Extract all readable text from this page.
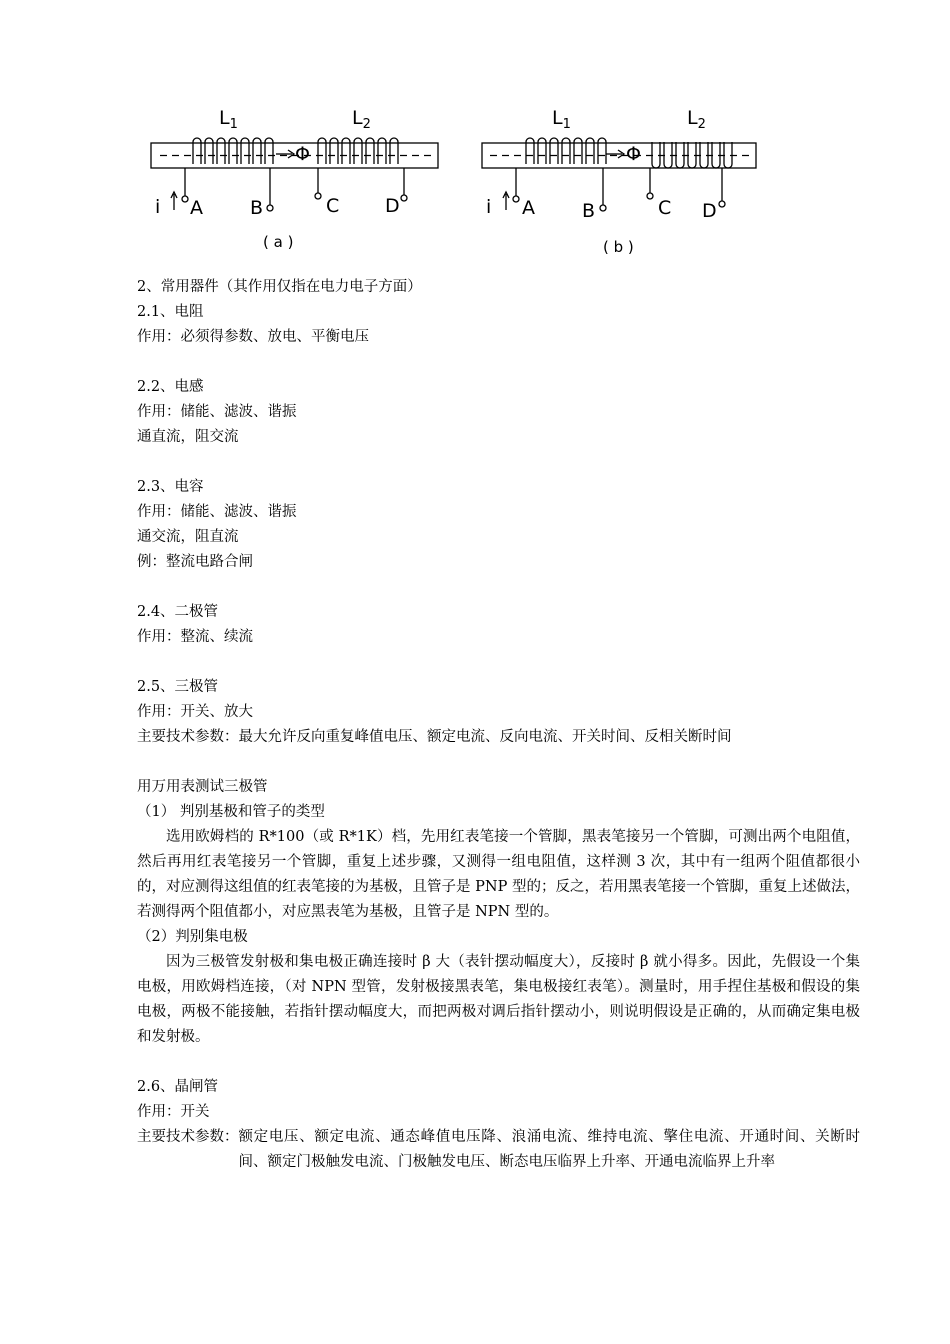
$L_1$	$L_2$
Φ
i A B	C D
( a )
$L_1$	$L_2$
Φ
i A B	C D
( b )
2、常用器件（其作用仅指在电力电子方面）
2.1、电阻
作用：必须得参数、放电、平衡电压
2.2、电感
作用：储能、滤波、谐振
通直流，阻交流
2.3、电容
作用：储能、滤波、谐振
通交流，阻直流
例：整流电路合闸
2.4、二极管
作用：整流、续流
2.5、三极管
作用：开关、放大
主要技术参数：最大允许反向重复峰值电压、额定电流、反向电流、开关时间、反相关断时间
用万用表测试三极管
（1） 判别基极和管子的类型
选用欧姆档的 R*100（或 R*1K）档，先用红表笔接一个管脚，黑表笔接另一个管脚，可测出两个电阻值，然后再用红表笔接另一个管脚，重复上述步骤，又测得一组电阻值，这样测 3 次，其中有一组两个阻值都很小的，对应测得这组值的红表笔接的为基极，且管子是 PNP 型的；反之，若用黑表笔接一个管脚，重复上述做法，若测得两个阻值都小，对应黑表笔为基极，且管子是 NPN 型的。
（2）判别集电极
因为三极管发射极和集电极正确连接时 β 大（表针摆动幅度大），反接时 β 就小得多。因此，先假设一个集电极，用欧姆档连接，（对 NPN 型管，发射极接黑表笔，集电极接红表笔）。测量时，用手捏住基极和假设的集电极，两极不能接触，若指针摆动幅度大，而把两极对调后指针摆动小，则说明假设是正确的，从而确定集电极和发射极。
2.6、晶闸管
作用：开关
主要技术参数： 额定电压、额定电流、通态峰值电压降、浪涌电流、维持电流、擎住电流、开通时间、关断时间、额定门极触发电流、门极触发电压、断态电压临界上升率、开通电流临界上升率
